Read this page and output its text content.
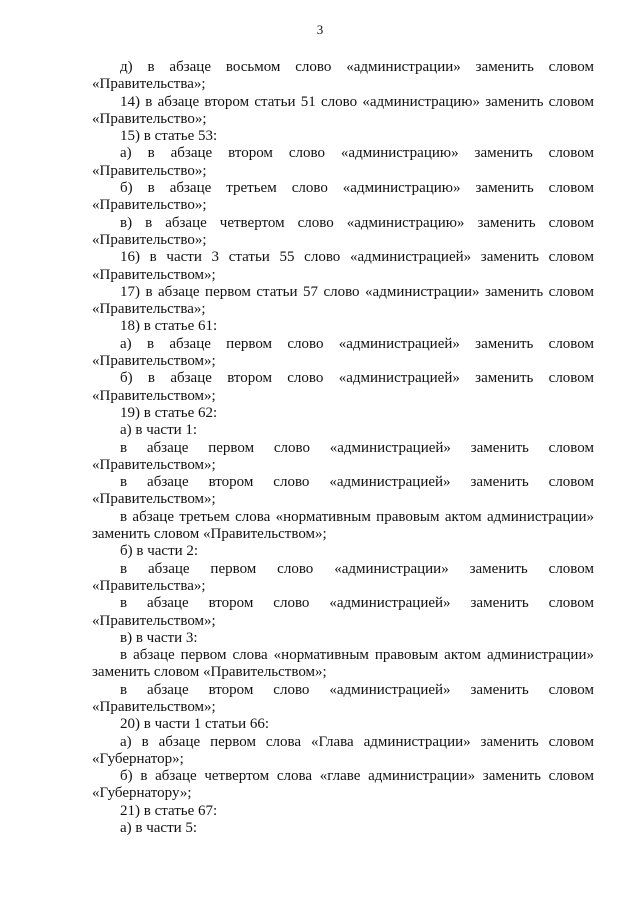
3

д) в абзаце восьмом слово «администрации» заменить словом «Правительства»;

14) в абзаце втором статьи 51 слово «администрацию» заменить словом «Правительство»;

15) в статье 53:

а) в абзаце втором слово «администрацию» заменить словом «Правительство»;

б) в абзаце третьем слово «администрацию» заменить словом «Правительство»;

в) в абзаце четвертом слово «администрацию» заменить словом «Правительство»;

16) в части 3 статьи 55 слово «администрацией» заменить словом «Правительством»;

17) в абзаце первом статьи 57 слово «администрации» заменить словом «Правительства»;

18) в статье 61:

а) в абзаце первом слово «администрацией» заменить словом «Правительством»;

б) в абзаце втором слово «администрацией» заменить словом «Правительством»;

19) в статье 62:

а) в части 1:

в абзаце первом слово «администрацией» заменить словом «Правительством»;

в абзаце втором слово «администрацией» заменить словом «Правительством»;

в абзаце третьем слова «нормативным правовым актом администрации» заменить словом «Правительством»;

б) в части 2:

в абзаце первом слово «администрации» заменить словом «Правительства»;

в абзаце втором слово «администрацией» заменить словом «Правительством»;

в) в части 3:

в абзаце первом слова «нормативным правовым актом администрации» заменить словом «Правительством»;

в абзаце втором слово «администрацией» заменить словом «Правительством»;

20) в части 1 статьи 66:

а) в абзаце первом слова «Глава администрации» заменить словом «Губернатор»;

б) в абзаце четвертом слова «главе администрации» заменить словом «Губернатору»;

21) в статье 67:

а) в части 5:
